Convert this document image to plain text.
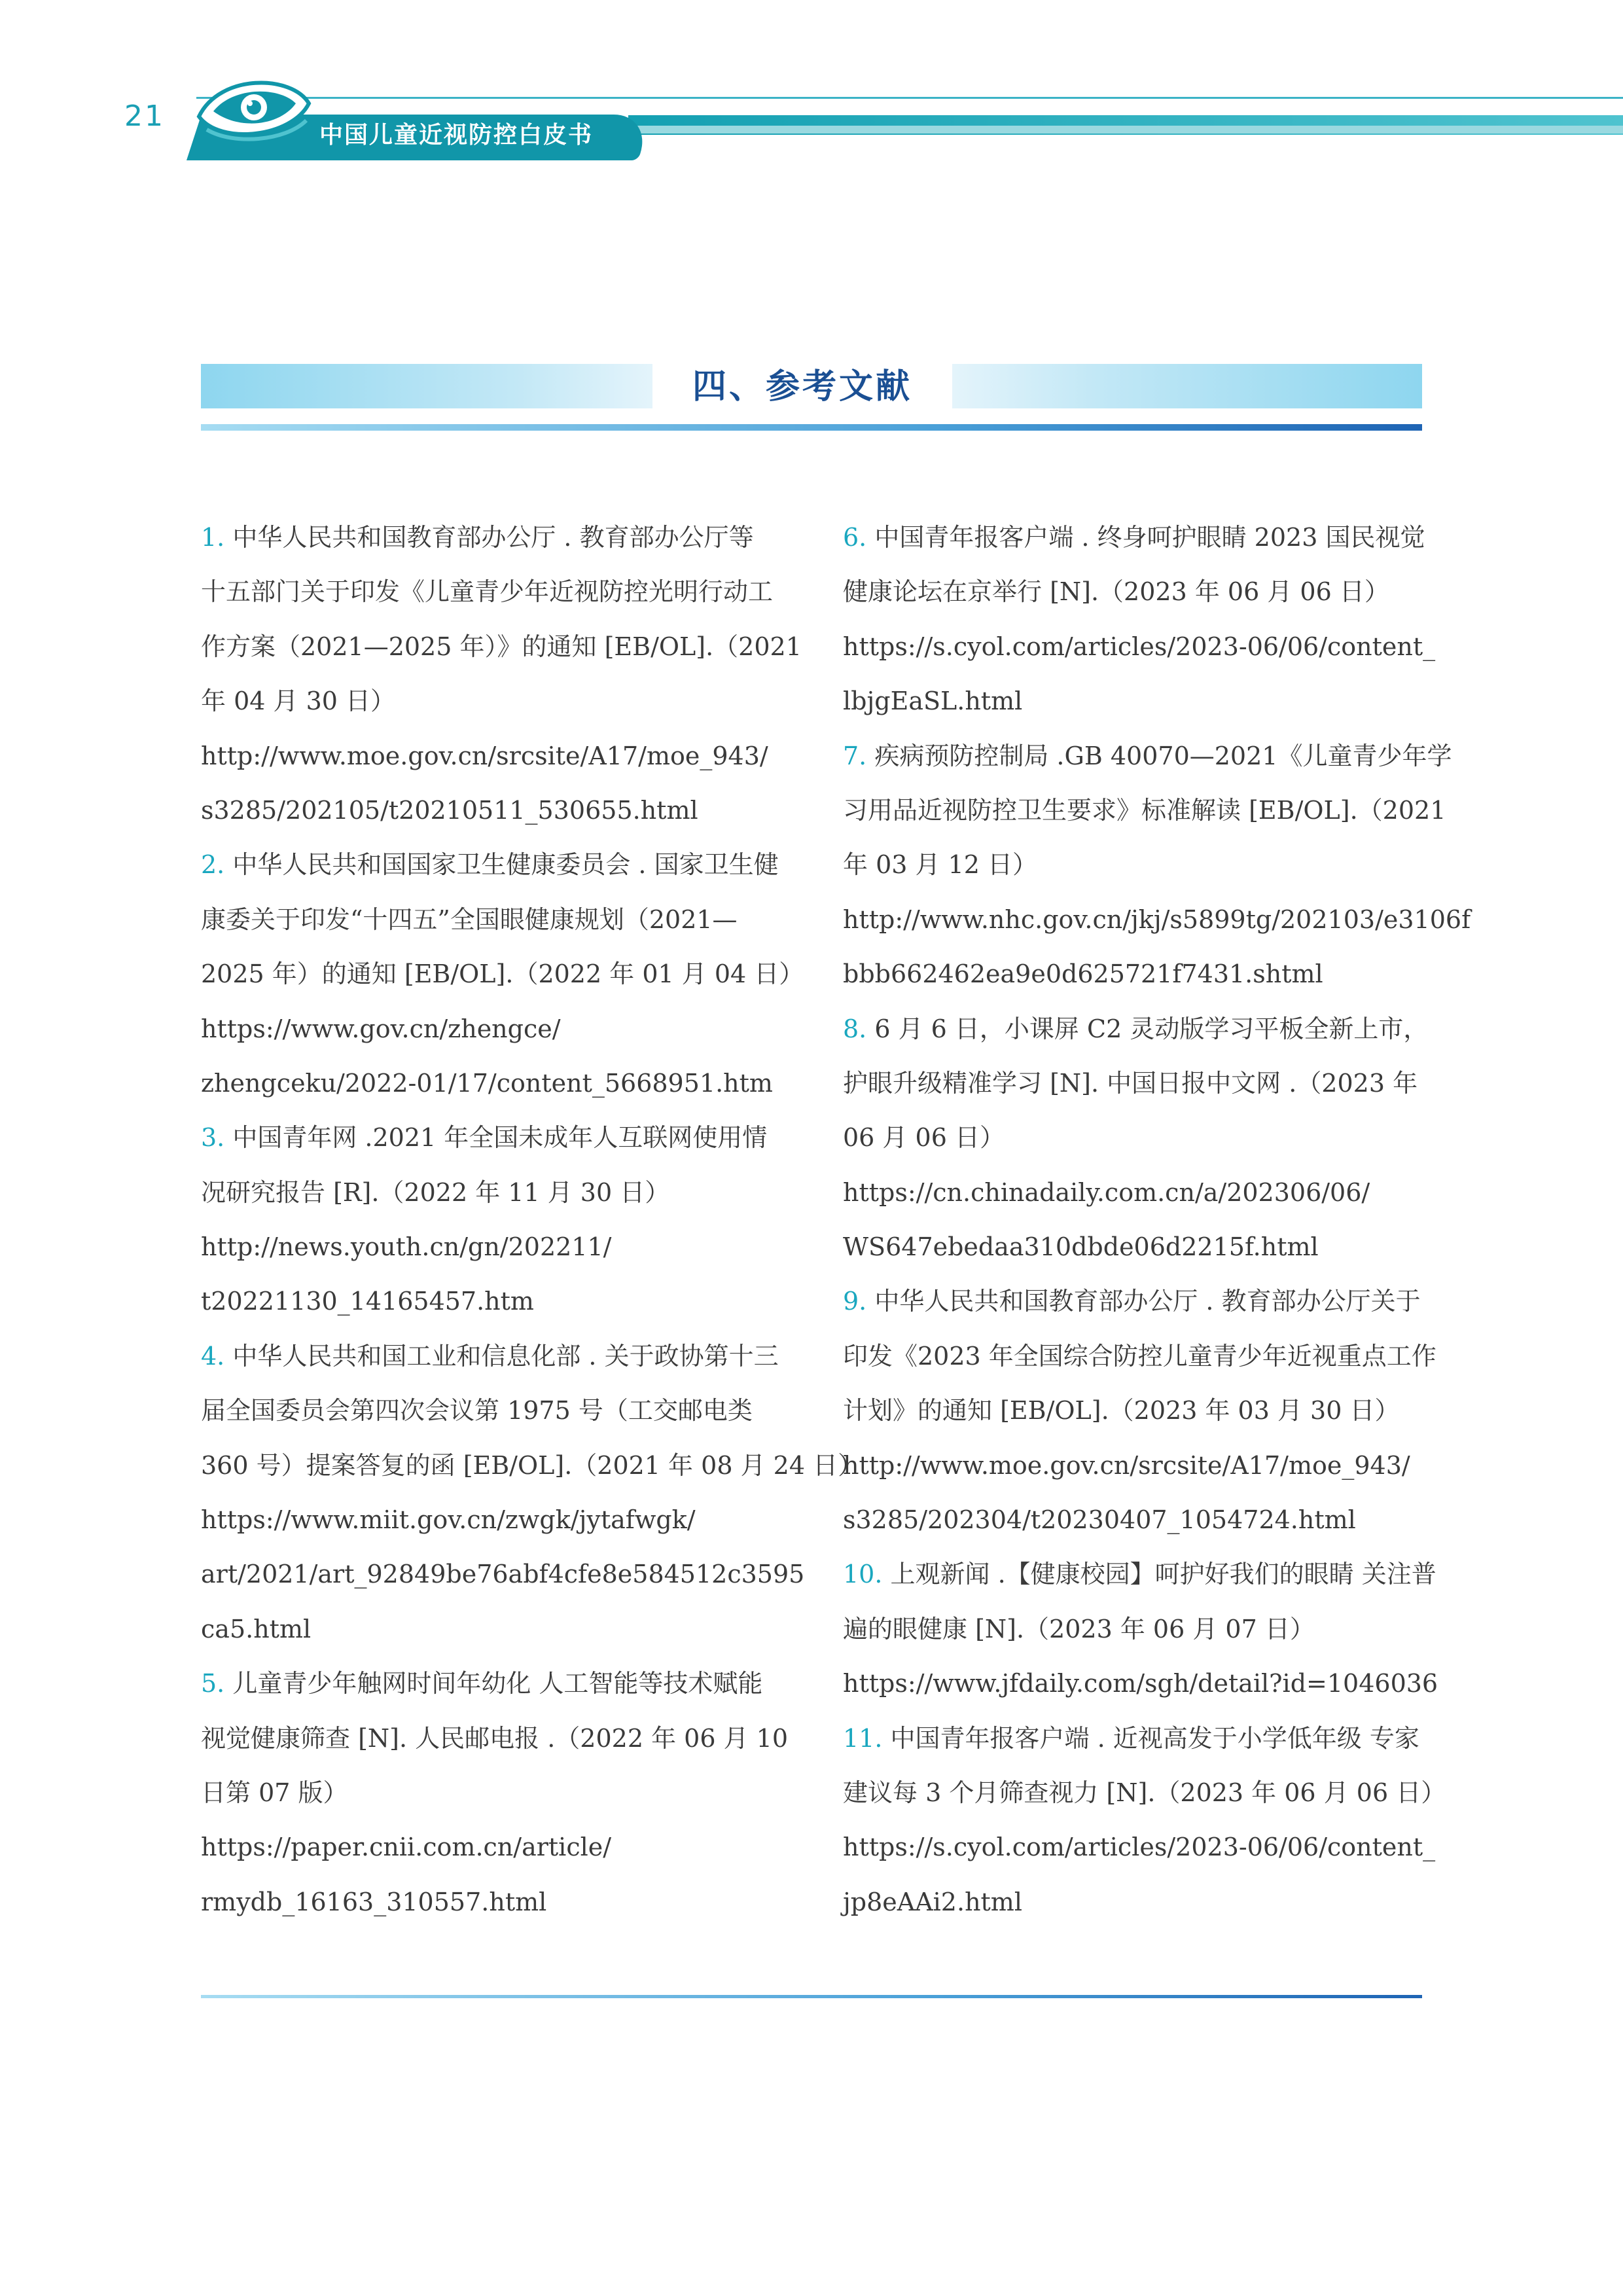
21
中国儿童近视防控白皮书
四、参考文献
1. 中华人民共和国教育部办公厅 . 教育部办公厅等
十五部门关于印发《儿童青少年近视防控光明行动工
作方案（2021—2025 年）》的通知 [EB/OL].（2021
年 04 月 30 日）
http://www.moe.gov.cn/srcsite/A17/moe_943/
s3285/202105/t20210511_530655.html
2. 中华人民共和国国家卫生健康委员会 . 国家卫生健
康委关于印发“十四五”全国眼健康规划（2021—
2025 年）的通知 [EB/OL].（2022 年 01 月 04 日）
https://www.gov.cn/zhengce/
zhengceku/2022-01/17/content_5668951.htm
3. 中国青年网 .2021 年全国未成年人互联网使用情
况研究报告 [R].（2022 年 11 月 30 日）
http://news.youth.cn/gn/202211/
t20221130_14165457.htm
4. 中华人民共和国工业和信息化部 . 关于政协第十三
届全国委员会第四次会议第 1975 号（工交邮电类
360 号）提案答复的函 [EB/OL].（2021 年 08 月 24 日）
https://www.miit.gov.cn/zwgk/jytafwgk/
art/2021/art_92849be76abf4cfe8e584512c3595
ca5.html
5. 儿童青少年触网时间年幼化 人工智能等技术赋能
视觉健康筛查 [N]. 人民邮电报 .（2022 年 06 月 10
日第 07 版）
https://paper.cnii.com.cn/article/
rmydb_16163_310557.html
6. 中国青年报客户端 . 终身呵护眼睛 2023 国民视觉
健康论坛在京举行 [N].（2023 年 06 月 06 日）
https://s.cyol.com/articles/2023-06/06/content_
lbjgEaSL.html
7. 疾病预防控制局 .GB 40070—2021《儿童青少年学
习用品近视防控卫生要求》标准解读 [EB/OL].（2021
年 03 月 12 日）
http://www.nhc.gov.cn/jkj/s5899tg/202103/e3106f
bbb662462ea9e0d625721f7431.shtml
8. 6 月 6 日，小课屏 C2 灵动版学习平板全新上市，
护眼升级精准学习 [N]. 中国日报中文网 .（2023 年
06 月 06 日）
https://cn.chinadaily.com.cn/a/202306/06/
WS647ebedaa310dbde06d2215f.html
9. 中华人民共和国教育部办公厅 . 教育部办公厅关于
印发《2023 年全国综合防控儿童青少年近视重点工作
计划》的通知 [EB/OL].（2023 年 03 月 30 日）
http://www.moe.gov.cn/srcsite/A17/moe_943/
s3285/202304/t20230407_1054724.html
10. 上观新闻 .【健康校园】呵护好我们的眼睛 关注普
遍的眼健康 [N].（2023 年 06 月 07 日）
https://www.jfdaily.com/sgh/detail?id=1046036
11. 中国青年报客户端 . 近视高发于小学低年级 专家
建议每 3 个月筛查视力 [N].（2023 年 06 月 06 日）
https://s.cyol.com/articles/2023-06/06/content_
jp8eAAi2.html
